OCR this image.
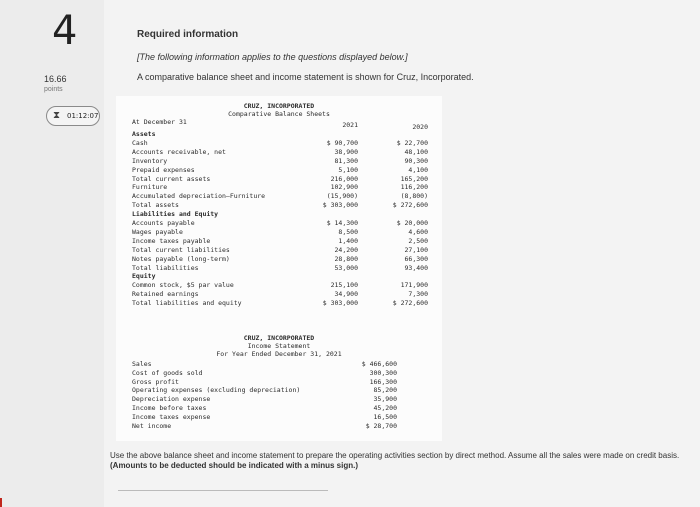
4
16.66
points
⧗ 01:12:07
Required information
[The following information applies to the questions displayed below.]
A comparative balance sheet and income statement is shown for Cruz, Incorporated.
CRUZ, INCORPORATED
Comparative Balance Sheets
At December 31	2021	2020
Assets
Cash	$ 90,700	$ 22,700
Accounts receivable, net	38,900	48,100
Inventory	81,300	90,300
Prepaid expenses	5,100	4,100
Total current assets	216,000	165,200
Furniture	102,900	116,200
Accumulated depreciation—Furniture	(15,900)	(8,800)
Total assets	$ 303,000	$ 272,600
Liabilities and Equity
Accounts payable	$ 14,300	$ 20,000
Wages payable	8,500	4,600
Income taxes payable	1,400	2,500
Total current liabilities	24,200	27,100
Notes payable (long-term)	28,800	66,300
Total liabilities	53,000	93,400
Equity
Common stock, $5 par value	215,100	171,900
Retained earnings	34,900	7,300
Total liabilities and equity	$ 303,000	$ 272,600
CRUZ, INCORPORATED
Income Statement
For Year Ended December 31, 2021
Sales	$ 466,600
Cost of goods sold	300,300
Gross profit	166,300
Operating expenses (excluding depreciation)	85,200
Depreciation expense	35,900
Income before taxes	45,200
Income taxes expense	16,500
Net income	$ 28,700
Use the above balance sheet and income statement to prepare the operating activities section by direct method. Assume all the sales were made on credit basis. (Amounts to be deducted should be indicated with a minus sign.)
